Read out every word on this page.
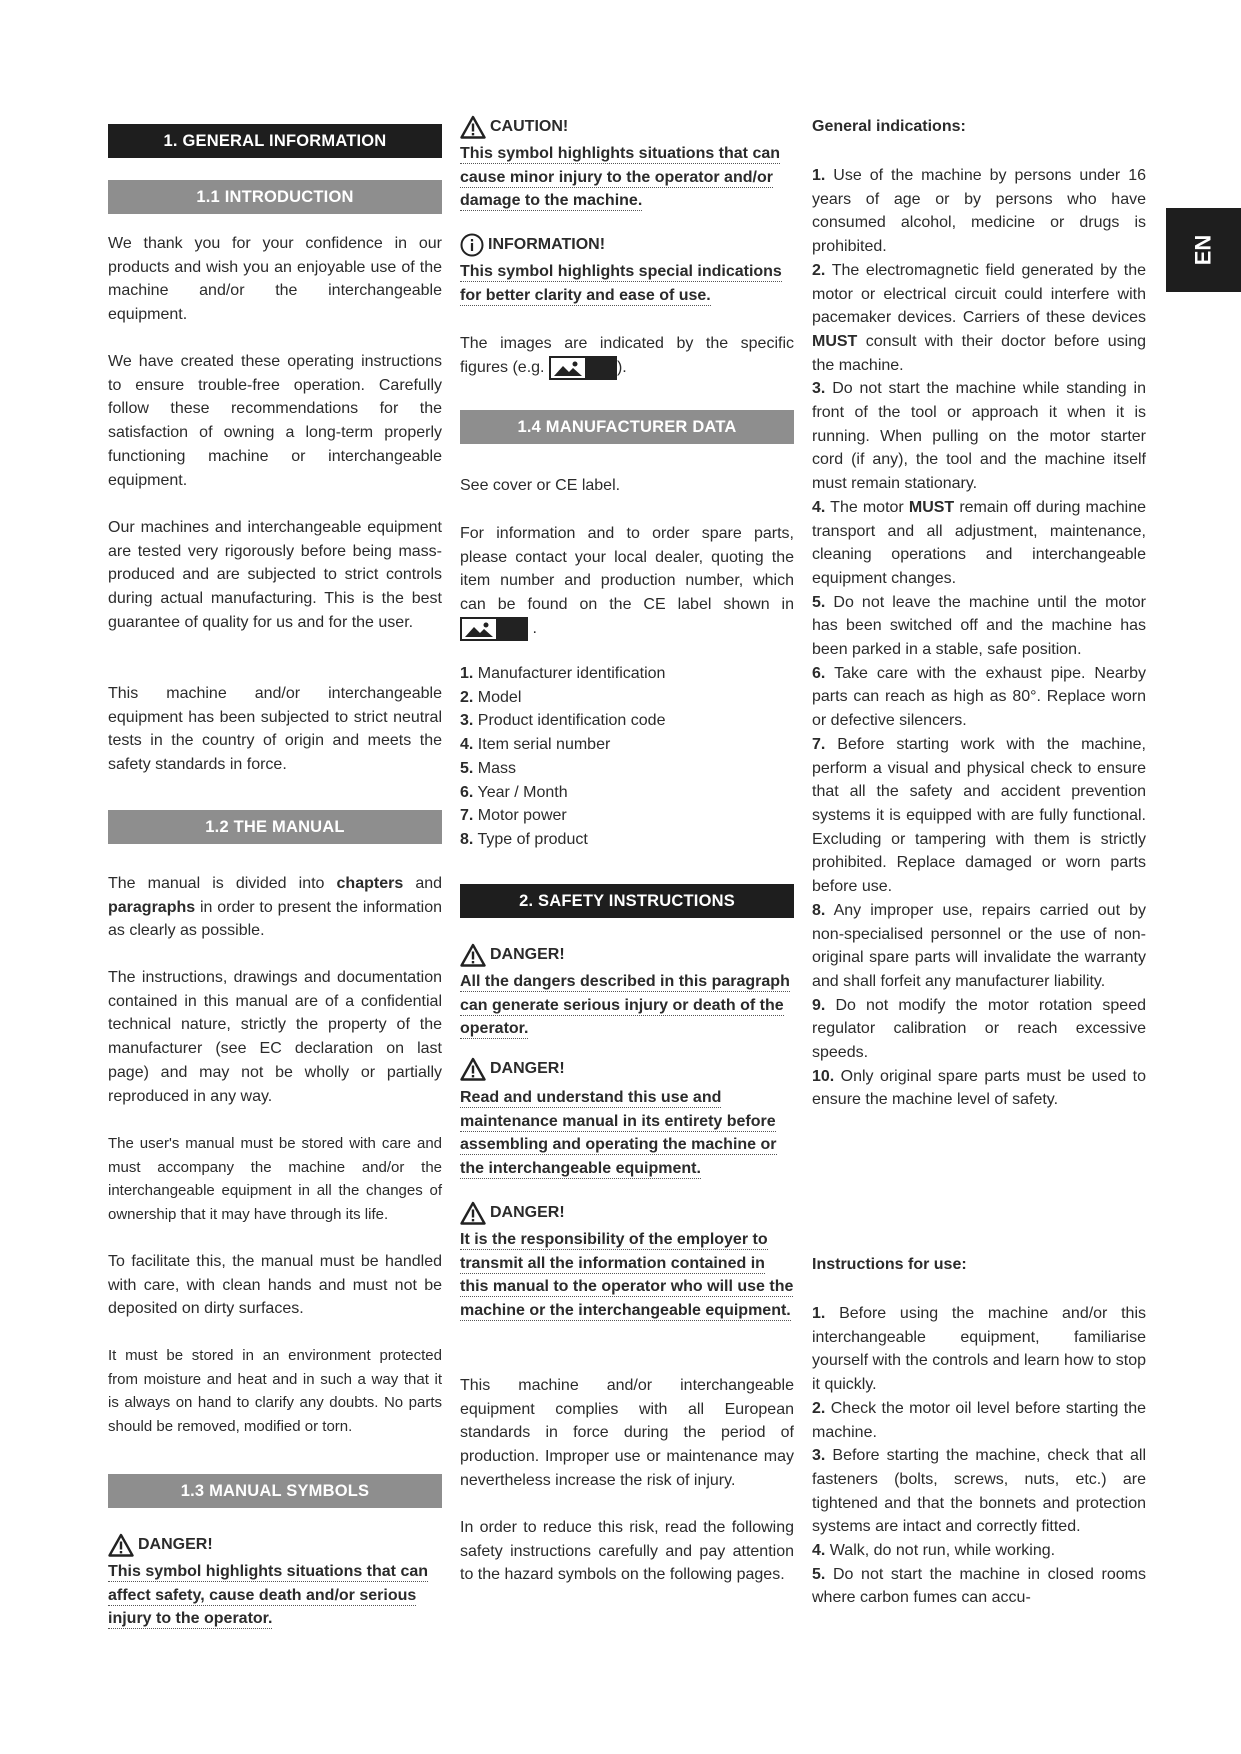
EN
1. GENERAL INFORMATION
1.1 INTRODUCTION

We thank you for your confidence in our products and wish you an enjoyable use of the machine and/or the interchangeable equipment.

We have created these operating instructions to ensure trouble-free operation. Carefully follow these recommendations for the satisfaction of owning a long-term properly functioning machine or interchangeable equipment.

Our machines and interchangeable equipment are tested very rigorously before being mass-produced and are subjected to strict controls during actual manufacturing. This is the best guarantee of quality for us and for the user.

This machine and/or interchangeable equipment has been subjected to strict neutral tests in the country of origin and meets the safety standards in force.

1.2 THE MANUAL

The manual is divided into chapters and paragraphs in order to present the information as clearly as possible.

The instructions, drawings and documentation contained in this manual are of a confidential technical nature, strictly the property of the manufacturer (see EC declaration on last page) and may not be wholly or partially reproduced in any way.

The user's manual must be stored with care and must accompany the machine and/or the interchangeable equipment in all the changes of ownership that it may have through its life.

To facilitate this, the manual must be handled with care, with clean hands and must not be deposited on dirty surfaces.

It must be stored in an environment protected from moisture and heat and in such a way that it is always on hand to clarify any doubts. No parts should be removed, modified or torn.

1.3 MANUAL SYMBOLS
DANGER!

This symbol highlights situations that can affect safety, cause death and/or serious injury to the operator.

CAUTION!

This symbol highlights situations that can cause minor injury to the operator and/or damage to the machine.

INFORMATION!

This symbol highlights special indications for better clarity and ease of use.

The images are indicated by the specific figures (e.g.	).

1.4 MANUFACTURER DATA

See cover or CE label.

For information and to order spare parts, please contact your local dealer, quoting the item number and production number, which can be found on the CE label shown in
.

1. Manufacturer identification
2. Model
3. Product identification code
4. Item serial number
5. Mass
6. Year / Month
7. Motor power
8. Type of product
2. SAFETY INSTRUCTIONS
DANGER!

All the dangers described in this paragraph can generate serious injury or death of the operator.

DANGER!

Read and understand this use and maintenance manual in its entirety before assembling and operating the machine or the interchangeable equipment.

DANGER!

It is the responsibility of the employer to transmit all the information contained in this manual to the operator who will use the machine or the interchangeable equipment.

This machine and/or interchangeable equipment complies with all European standards in force during the period of production. Improper use or maintenance may nevertheless increase the risk of injury.

In order to reduce this risk, read the following safety instructions carefully and pay attention to the hazard symbols on the following pages.

General indications:

1. Use of the machine by persons under 16 years of age or by persons who have consumed alcohol, medicine or drugs is prohibited.

2. The electromagnetic field generated by the motor or electrical circuit could interfere with pacemaker devices. Carriers of these devices MUST consult with their doctor before using the machine.

3. Do not start the machine while standing in front of the tool or approach it when it is running. When pulling on the motor starter cord (if any), the tool and the machine itself must remain stationary.

4. The motor MUST remain off during machine transport and all adjustment, maintenance, cleaning operations and interchangeable equipment changes.

5. Do not leave the machine until the motor has been switched off and the machine has been parked in a stable, safe position.

6. Take care with the exhaust pipe. Nearby parts can reach as high as 80°. Replace worn or defective silencers.

7. Before starting work with the machine, perform a visual and physical check to ensure that all the safety and accident prevention systems it is equipped with are fully functional. Excluding or tampering with them is strictly prohibited. Replace damaged or worn parts before use.

8. Any improper use, repairs carried out by non-specialised personnel or the use of non-original spare parts will invalidate the warranty and shall forfeit any manufacturer liability.

9. Do not modify the motor rotation speed regulator calibration or reach excessive speeds.

10. Only original spare parts must be used to ensure the machine level of safety.

Instructions for use:

1. Before using the machine and/or this interchangeable equipment, familiarise yourself with the controls and learn how to stop it quickly.

2. Check the motor oil level before starting the machine.

3. Before starting the machine, check that all fasteners (bolts, screws, nuts, etc.) are tightened and that the bonnets and protection systems are intact and correctly fitted.

4. Walk, do not run, while working.

5. Do not start the machine in closed rooms where carbon fumes can accu-
